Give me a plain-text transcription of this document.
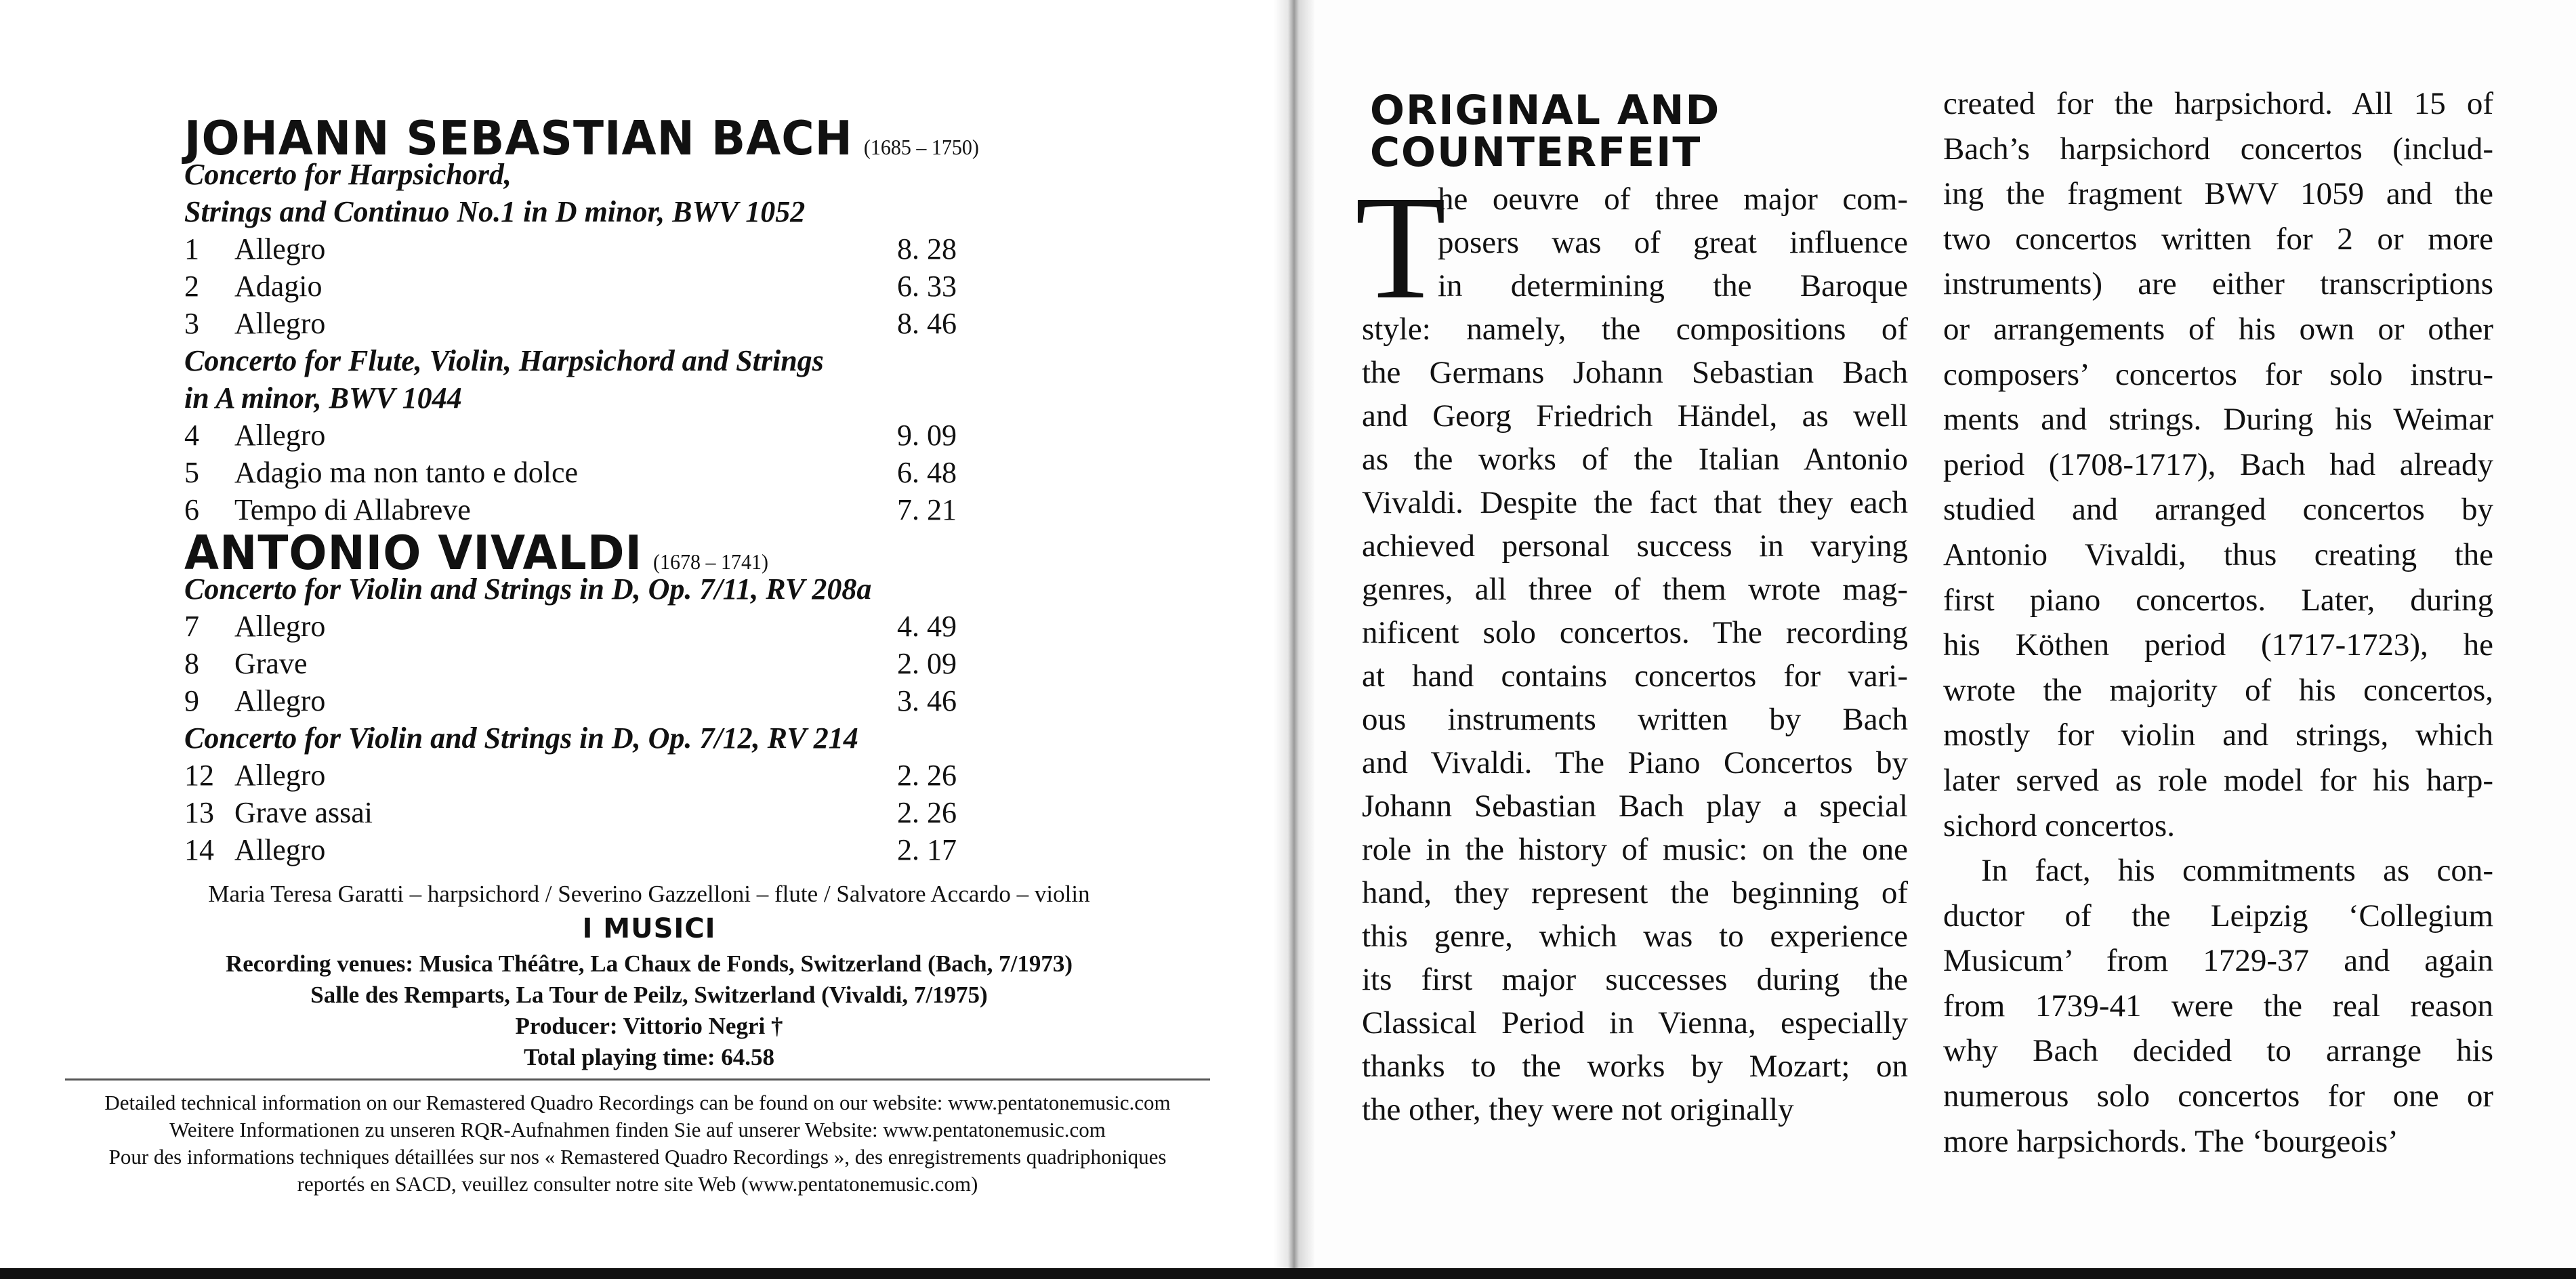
JOHANN SEBASTIAN BACH (1685 – 1750)
Concerto for Harpsichord,
Strings and Continuo No.1 in D minor, BWV 1052
1	Allegro	8. 28
2	Adagio	6. 33
3	Allegro	8. 46
Concerto for Flute, Violin, Harpsichord and Strings
in A minor, BWV 1044
4	Allegro	9. 09
5	Adagio ma non tanto e dolce	6. 48
6	Tempo di Allabreve	7. 21
ANTONIO VIVALDI (1678 – 1741)
Concerto for Violin and Strings in D, Op. 7/11, RV 208a
7	Allegro	4. 49
8	Grave	2. 09
9	Allegro	3. 46
Concerto for Violin and Strings in D, Op. 7/12, RV 214
12 Allegro	2. 26
13 Grave assai	2. 26
14 Allegro	2. 17
Maria Teresa Garatti – harpsichord / Severino Gazzelloni – flute / Salvatore Accardo – violin
I MUSICI
Recording venues: Musica Théâtre, La Chaux de Fonds, Switzerland (Bach, 7/1973)
Salle des Remparts, La Tour de Peilz, Switzerland (Vivaldi, 7/1975)
Producer: Vittorio Negri †
Total playing time: 64.58
Detailed technical information on our Remastered Quadro Recordings can be found on our website: www.pentatonemusic.com
Weitere Informationen zu unseren RQR-Aufnahmen finden Sie auf unserer Website: www.pentatonemusic.com
Pour des informations techniques détaillées sur nos « Remastered Quadro Recordings », des enregistrements quadriphoniques
reportés en SACD, veuillez consulter notre site Web (www.pentatonemusic.com)
ORIGINAL AND
COUNTERFEIT
T
he oeuvre of three major com-
posers was of great influence
in determining the Baroque
style: namely, the compositions of
the Germans Johann Sebastian Bach
and Georg Friedrich Händel, as well
as the works of the Italian Antonio
Vivaldi. Despite the fact that they each
achieved personal success in varying
genres, all three of them wrote mag-
nificent solo concertos. The recording
at hand contains concertos for vari-
ous instruments written by Bach
and Vivaldi. The Piano Concertos by
Johann Sebastian Bach play a special
role in the history of music: on the one
hand, they represent the beginning of
this genre, which was to experience
its first major successes during the
Classical Period in Vienna, especially
thanks to the works by Mozart; on
the other, they were not originally
created for the harpsichord. All 15 of
Bach’s harpsichord concertos (includ-
ing the fragment BWV 1059 and the
two concertos written for 2 or more
instruments) are either transcriptions
or arrangements of his own or other
composers’ concertos for solo instru-
ments and strings. During his Weimar
period (1708-1717), Bach had already
studied and arranged concertos by
Antonio Vivaldi, thus creating the
first piano concertos. Later, during
his Köthen period (1717-1723), he
wrote the majority of his concertos,
mostly for violin and strings, which
later served as role model for his harp-
sichord concertos.
In fact, his commitments as con-
ductor of the Leipzig ‘Collegium
Musicum’ from 1729-37 and again
from 1739-41 were the real reason
why Bach decided to arrange his
numerous solo concertos for one or
more harpsichords. The ‘bourgeois’
